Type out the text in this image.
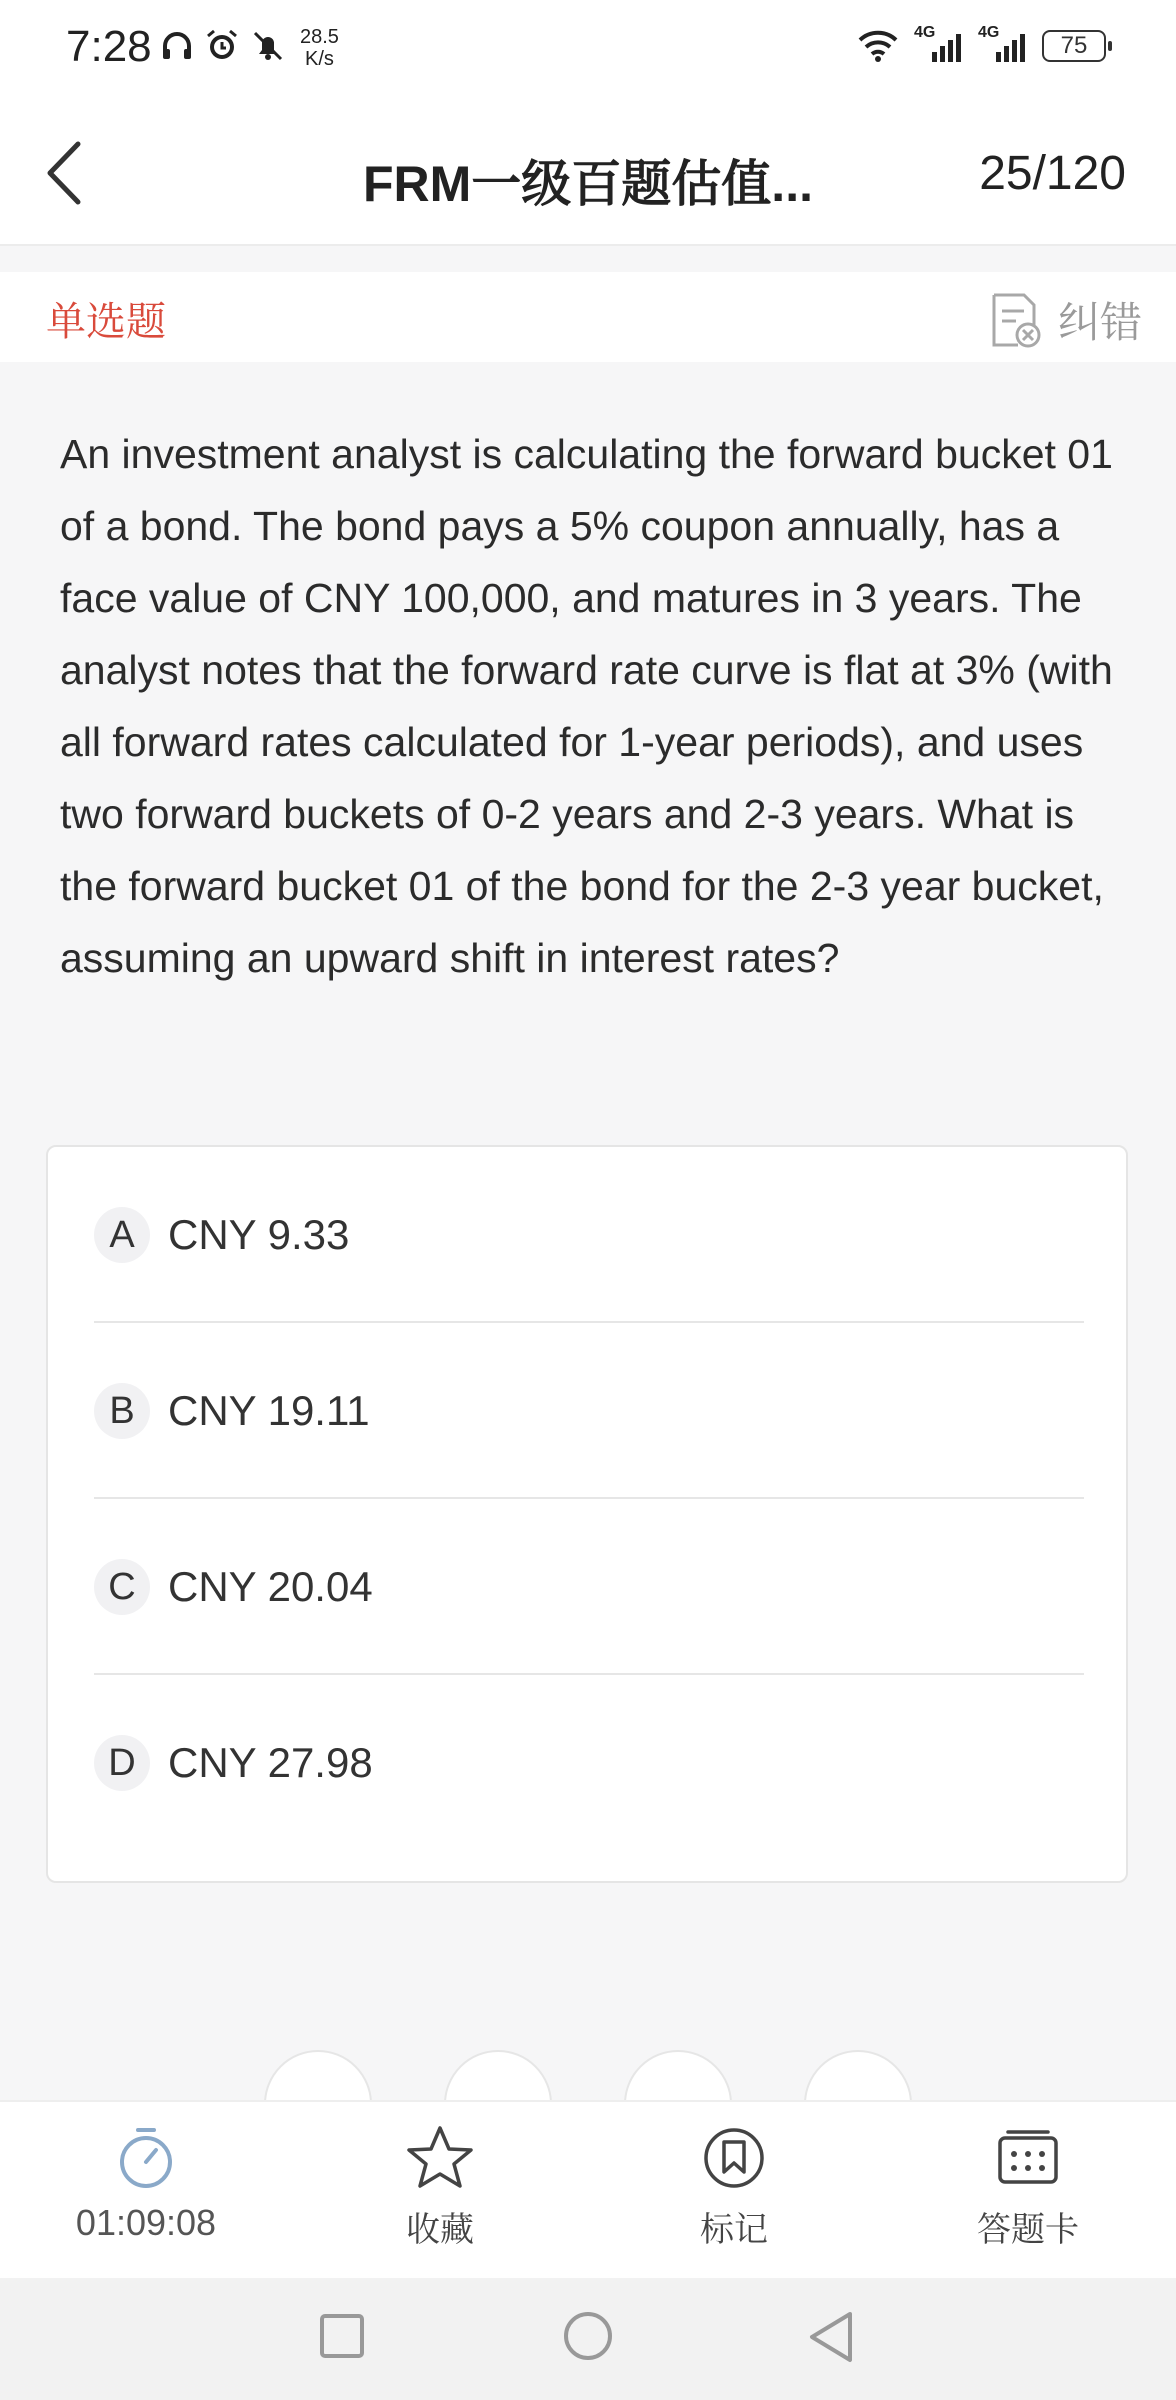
7:28	28.5
K/s
4G	4G	75
FRM一级百题估值...	25/120
单选题	纠错
An investment analyst is calculating the forward bucket 01 of a bond. The bond pays a 5% coupon annually, has a face value of CNY 100,000, and matures in 3 years. The analyst notes that the forward rate curve is flat at 3% (with all forward rates calculated for 1-year periods), and uses two forward buckets of 0-2 years and 2-3 years. What is the forward bucket 01 of the bond for the 2-3 year bucket, assuming an upward shift in interest rates?
A CNY 9.33
B CNY 19.11
C CNY 20.04
D CNY 27.98
01:09:08	收藏	标记	答题卡
